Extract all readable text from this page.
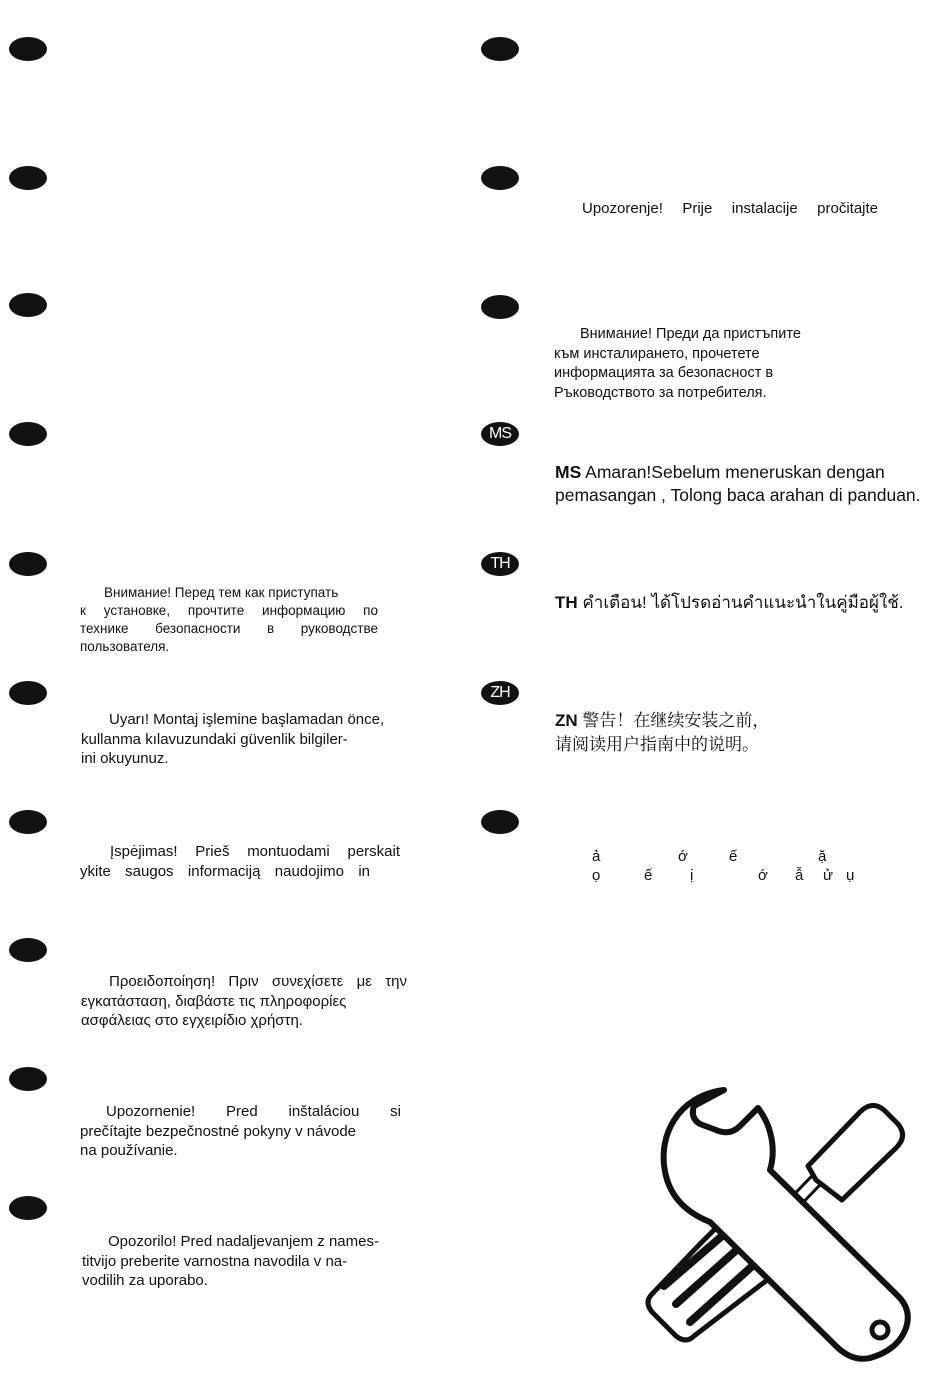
Внимание! Перед тем как приступать
к установке, прочтите информацию по
технике безопасности в руководстве
пользователя.

Uyarı! Montaj işlemine başlamadan önce,
kullanma kılavuzundaki güvenlik bilgiler-
ini okuyunuz.

Įspėjimas! Prieš montuodami perskait
ykite saugos informaciją naudojimo in

Προειδοποίηση! Πριν συνεχίσετε με την
εγκατάσταση, διαβάστε τις πληροφορίες
ασφάλειας στο εγχειρίδιο χρήστη.

Upozornenie! Pred inštaláciou si
prečítajte bezpečnostné pokyny v návode
na používanie.

Opozorilo! Pred nadaljevanjem z names-
titvijo preberite varnostna navodila v na-
vodilih za uporabo.

Upozorenje! Prije instalacije pročitajte

Внимание! Преди да пристъпите
към инсталирането, прочетете
информацията за безопасност в
Ръководството за потребителя.

MS

MS Amaran!Sebelum meneruskan dengan
pemasangan , Tolong baca arahan di panduan.

TH

TH คำเตือน! ได้โปรดอ่านคำแนะนำในคู่มือผู้ใช้.

ZH

ZN 警告！在继续安装之前，
请阅读用户指南中的说明。

ả	ớ	ế	ặ
ọ	ế	ị	ớ ẫ ử ụ
